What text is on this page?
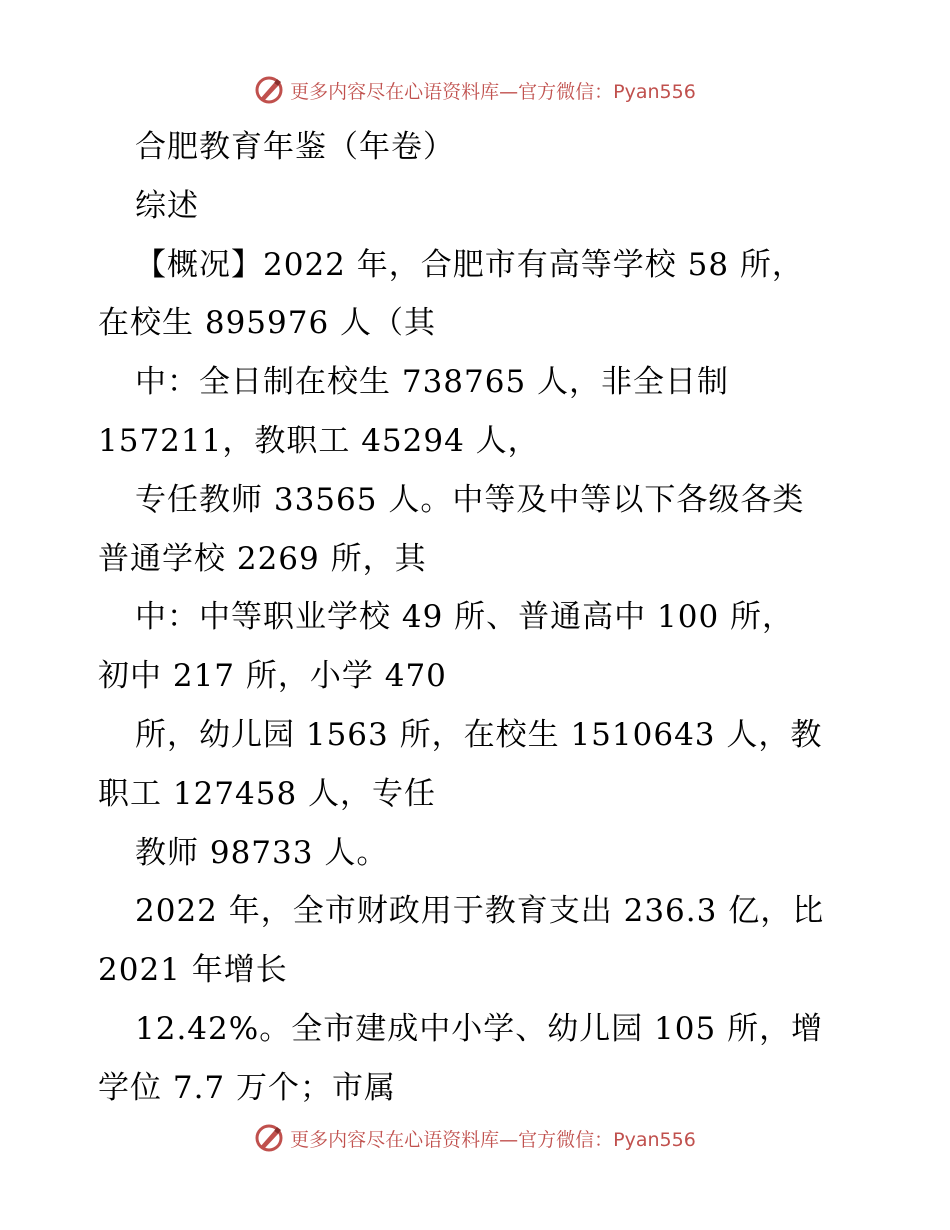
更多内容尽在心语资料库—官方微信：Pyan556
合肥教育年鉴（年卷）
综述
【概况】2022 年，合肥市有高等学校 58 所，
在校生 895976 人（其
中：全日制在校生 738765 人，非全日制
157211，教职工 45294 人，
专任教师 33565 人。中等及中等以下各级各类
普通学校 2269 所，其
中：中等职业学校 49 所、普通高中 100 所，
初中 217 所，小学 470
所，幼儿园 1563 所，在校生 1510643 人，教
职工 127458 人，专任
教师 98733 人。
2022 年，全市财政用于教育支出 236.3 亿，比
2021 年增长
12.42%。全市建成中小学、幼儿园 105 所，增
学位 7.7 万个；市属
更多内容尽在心语资料库—官方微信：Pyan556
